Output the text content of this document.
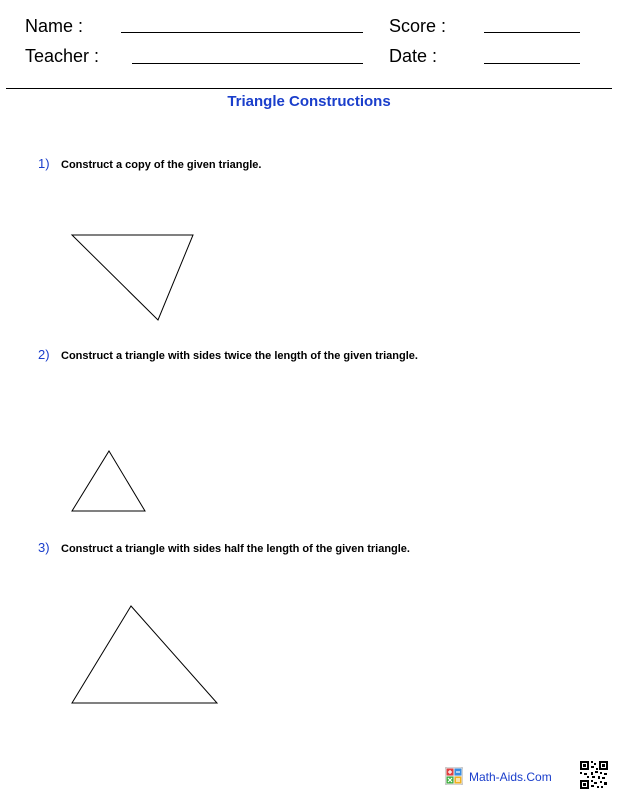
Name :	Score :
Teacher :	Date :
Triangle Constructions
1) Construct a copy of the given triangle.
2) Construct a triangle with sides twice the length of the given triangle.
3) Construct a triangle with sides half the length of the given triangle.
Math-Aids.Com
